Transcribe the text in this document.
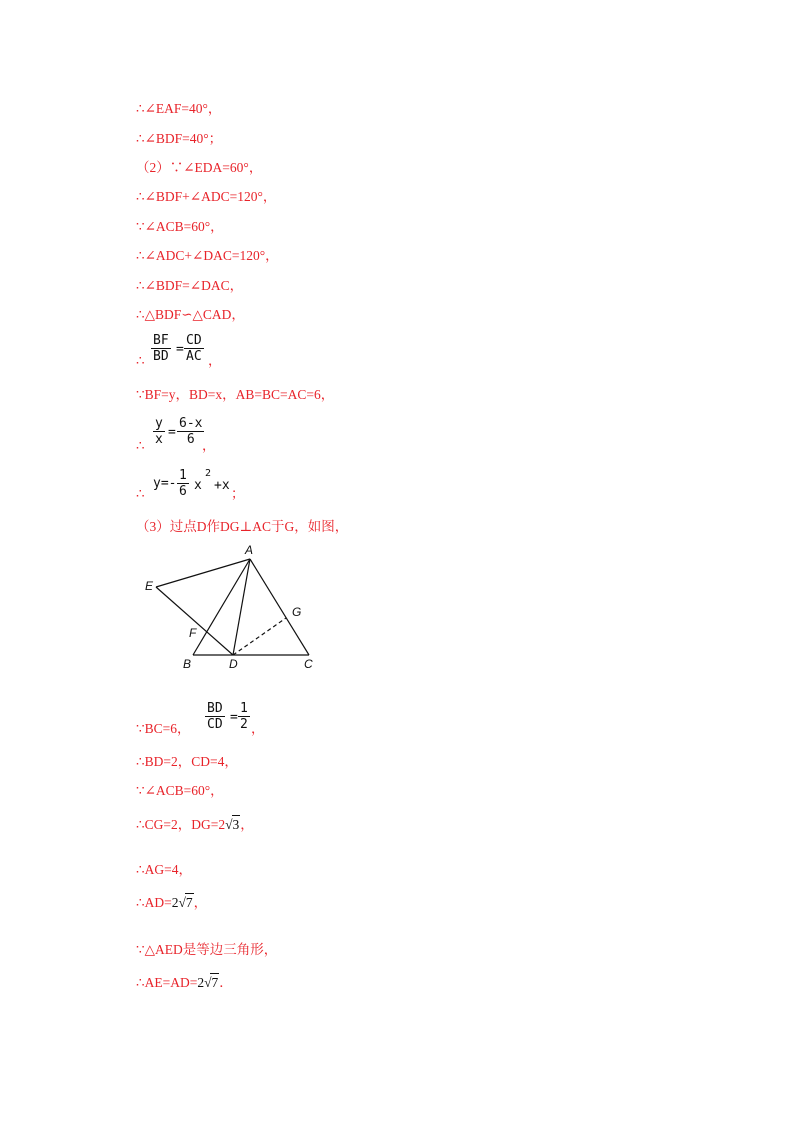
∴∠EAF=40°，
∴∠BDF=40°；
（2）∵∠EDA=60°，
∴∠BDF+∠ADC=120°，
∵∠ACB=60°，
∴∠ADC+∠DAC=120°，
∴∠BDF=∠DAC，
∴△BDF∽△CAD，
∴
BF
BD =
CD
AC ，
∵BF=y，BD=x，AB=BC=AC=6，
∴
y
x =
6-x
6 ，
∴
y=-
1
6 x
2
+x
；
（3）过点D作DG⊥AC于G，如图，
A
E
G
F
B	D	C
∵BC=6，
BD
CD =
1
2 ，
∴BD=2，CD=4，
∵∠ACB=60°，
∴CG=2，DG=2√3，
∴AG=4，
∴AD=2√7，
∵△AED是等边三角形，
∴AE=AD=2√7．
